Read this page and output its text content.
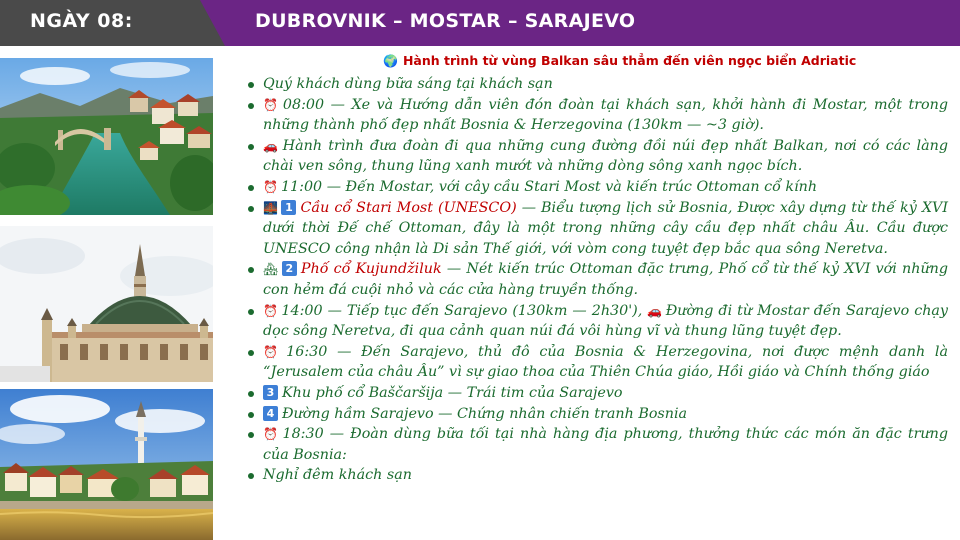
NGÀY 08:	DUBROVNIK – MOSTAR – SARAJEVO
🌍 Hành trình từ vùng Balkan sâu thẳm đến viên ngọc biển Adriatic
Quý khách dùng bữa sáng tại khách sạn
⏰ 08:00 — Xe và Hướng dẫn viên đón đoàn tại khách sạn, khởi hành đi Mostar, một trong những thành phố đẹp nhất Bosnia & Herzegovina (130km — ~3 giờ).
🚗 Hành trình đưa đoàn đi qua những cung đường đồi núi đẹp nhất Balkan, nơi có các làng chài ven sông, thung lũng xanh mướt và những dòng sông xanh ngọc bích.
⏰ 11:00 — Đến Mostar, với cây cầu Stari Most và kiến trúc Ottoman cổ kính
🌉 1 Cầu cổ Stari Most (UNESCO) — Biểu tượng lịch sử Bosnia, Được xây dựng từ thế kỷ XVI dưới thời Đế chế Ottoman, đây là một trong những cây cầu đẹp nhất châu Âu. Cầu được UNESCO công nhận là Di sản Thế giới, với vòm cong tuyệt đẹp bắc qua sông Neretva.
🏘 2 Phố cổ Kujundžiluk — Nét kiến trúc Ottoman đặc trưng, Phố cổ từ thế kỷ XVI với những con hẻm đá cuội nhỏ và các cửa hàng truyền thống.
⏰ 14:00 — Tiếp tục đến Sarajevo (130km — 2h30'), 🚗 Đường đi từ Mostar đến Sarajevo chạy dọc sông Neretva, đi qua cảnh quan núi đá vôi hùng vĩ và thung lũng tuyệt đẹp.
⏰ 16:30 — Đến Sarajevo, thủ đô của Bosnia & Herzegovina, nơi được mệnh danh là “Jerusalem của châu Âu” vì sự giao thoa của Thiên Chúa giáo, Hồi giáo và Chính thống giáo
3 Khu phố cổ Baščaršija — Trái tim của Sarajevo
4 Đường hầm Sarajevo — Chứng nhân chiến tranh Bosnia
⏰ 18:30 — Đoàn dùng bữa tối tại nhà hàng địa phương, thưởng thức các món ăn đặc trưng của Bosnia:
Nghỉ đêm khách sạn
